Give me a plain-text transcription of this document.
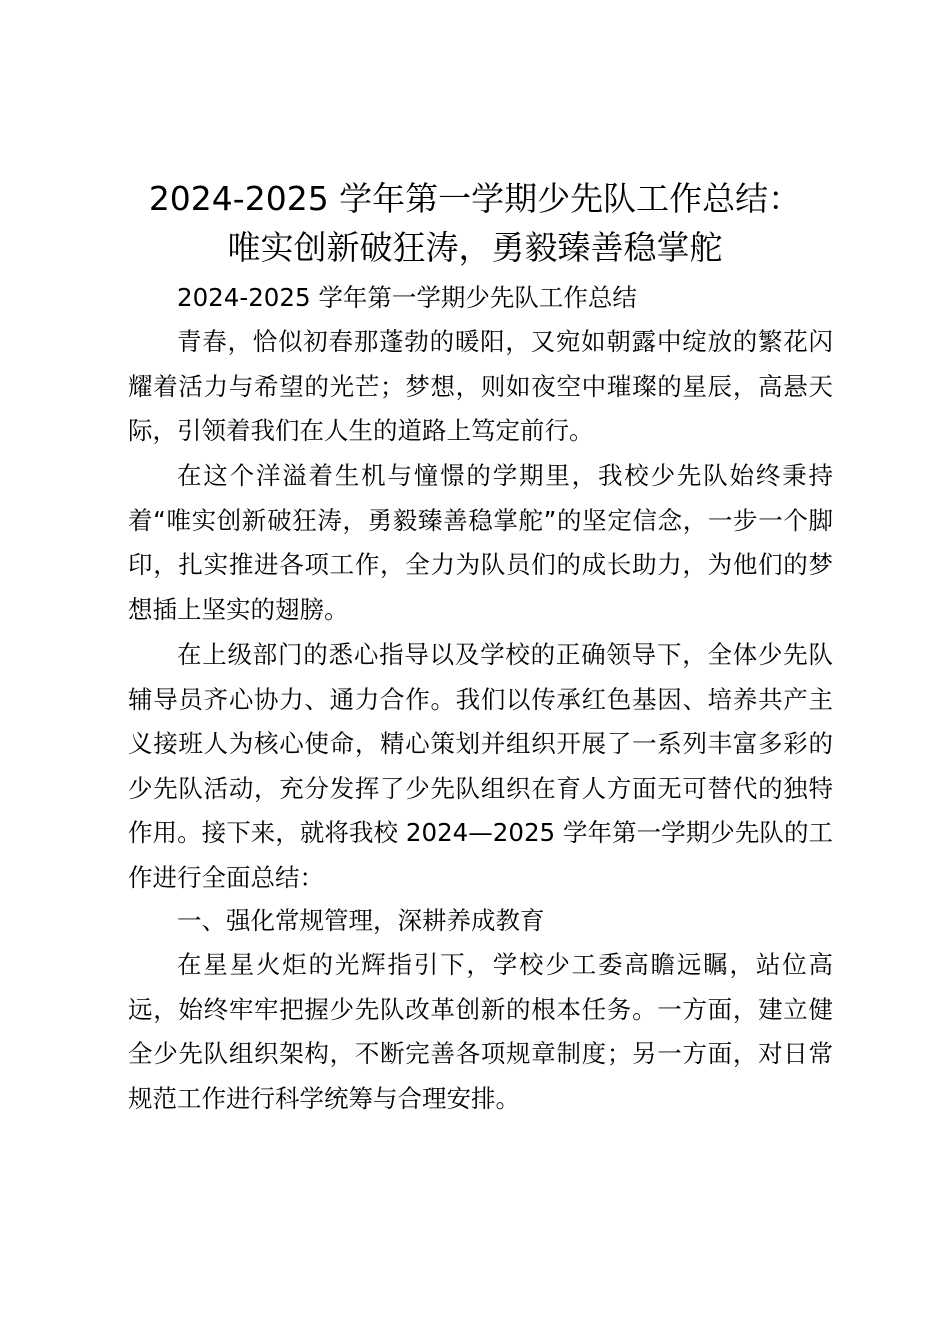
2024-2025 学年第一学期少先队工作总结：
唯实创新破狂涛，勇毅臻善稳掌舵
2024-2025 学年第一学期少先队工作总结
青春，恰似初春那蓬勃的暖阳，又宛如朝露中绽放的繁花闪耀着活力与希望的光芒；梦想，则如夜空中璀璨的星辰，高悬天际，引领着我们在人生的道路上笃定前行。
在这个洋溢着生机与憧憬的学期里，我校少先队始终秉持着“唯实创新破狂涛，勇毅臻善稳掌舵”的坚定信念，一步一个脚印，扎实推进各项工作，全力为队员们的成长助力，为他们的梦想插上坚实的翅膀。
在上级部门的悉心指导以及学校的正确领导下，全体少先队辅导员齐心协力、通力合作。我们以传承红色基因、培养共产主义接班人为核心使命，精心策划并组织开展了一系列丰富多彩的少先队活动，充分发挥了少先队组织在育人方面无可替代的独特作用。接下来，就将我校 2024—2025 学年第一学期少先队的工作进行全面总结：
一、强化常规管理，深耕养成教育
在星星火炬的光辉指引下，学校少工委高瞻远瞩，站位高远，始终牢牢把握少先队改革创新的根本任务。一方面，建立健全少先队组织架构，不断完善各项规章制度；另一方面，对日常规范工作进行科学统筹与合理安排。
